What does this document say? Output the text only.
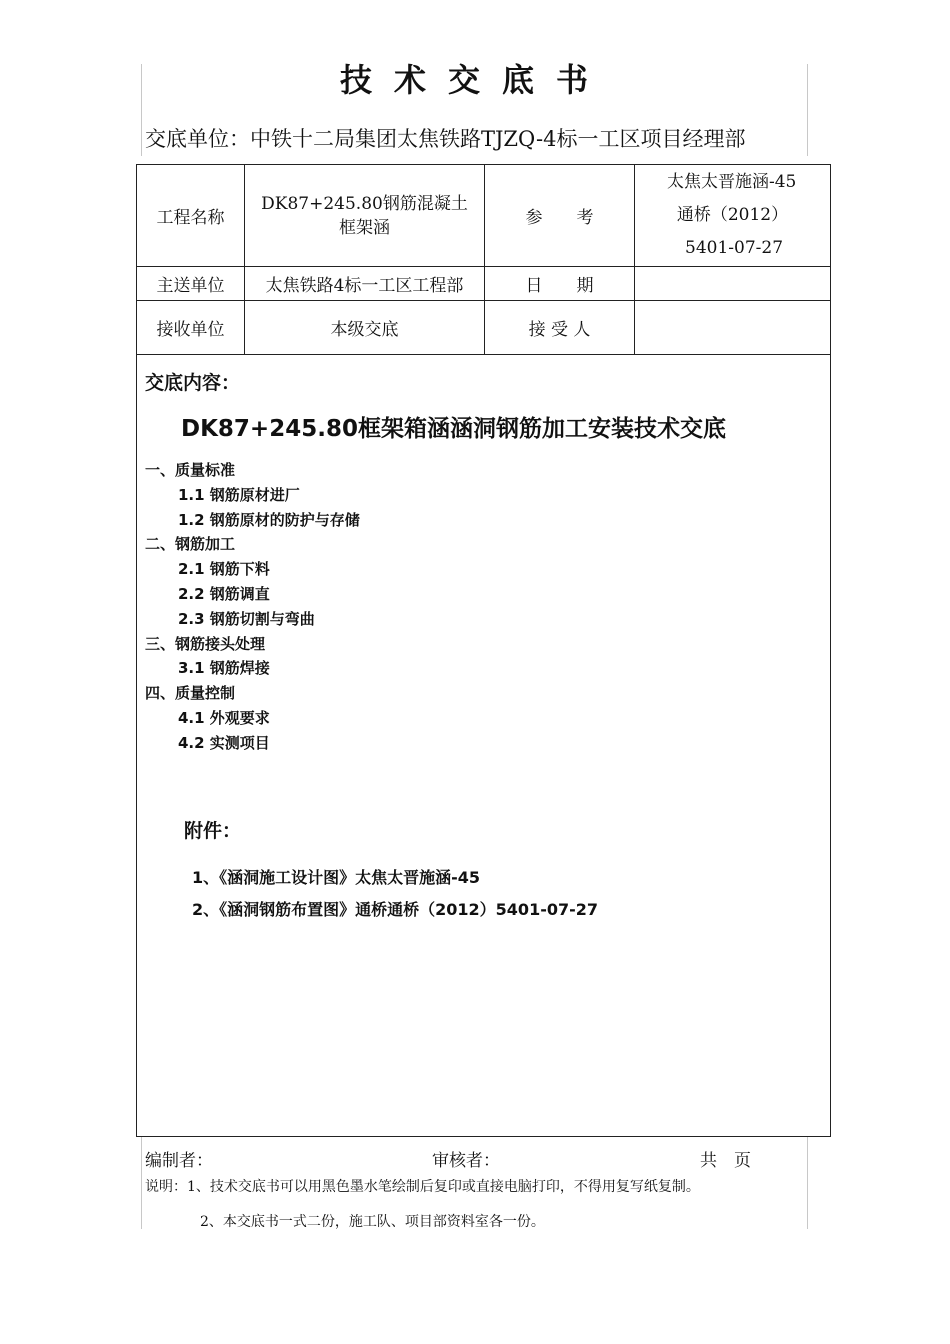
技术交底书
交底单位：中铁十二局集团太焦铁路TJZQ-4标一工区项目经理部
工程名称	DK87+245.80钢筋混凝土框架涵	参　　考	太焦太晋施涵-45
通桥（2012）
5401-07-27

主送单位	太焦铁路4标一工区工程部	日　　期	
接收单位	本级交底	接 受 人	
交底内容：
DK87+245.80框架箱涵涵洞钢筋加工安装技术交底
一、质量标准
1.1 钢筋原材进厂
1.2 钢筋原材的防护与存储
二、钢筋加工
2.1 钢筋下料
2.2 钢筋调直
2.3 钢筋切割与弯曲
三、钢筋接头处理
3.1 钢筋焊接
四、质量控制
4.1 外观要求
4.2 实测项目
附件：
1、《涵洞施工设计图》太焦太晋施涵-45
2、《涵洞钢筋布置图》通桥通桥（2012）5401-07-27
编制者：	审核者：	共　页
说明：1、技术交底书可以用黑色墨水笔绘制后复印或直接电脑打印，不得用复写纸复制。
2、本交底书一式二份，施工队、项目部资料室各一份。
